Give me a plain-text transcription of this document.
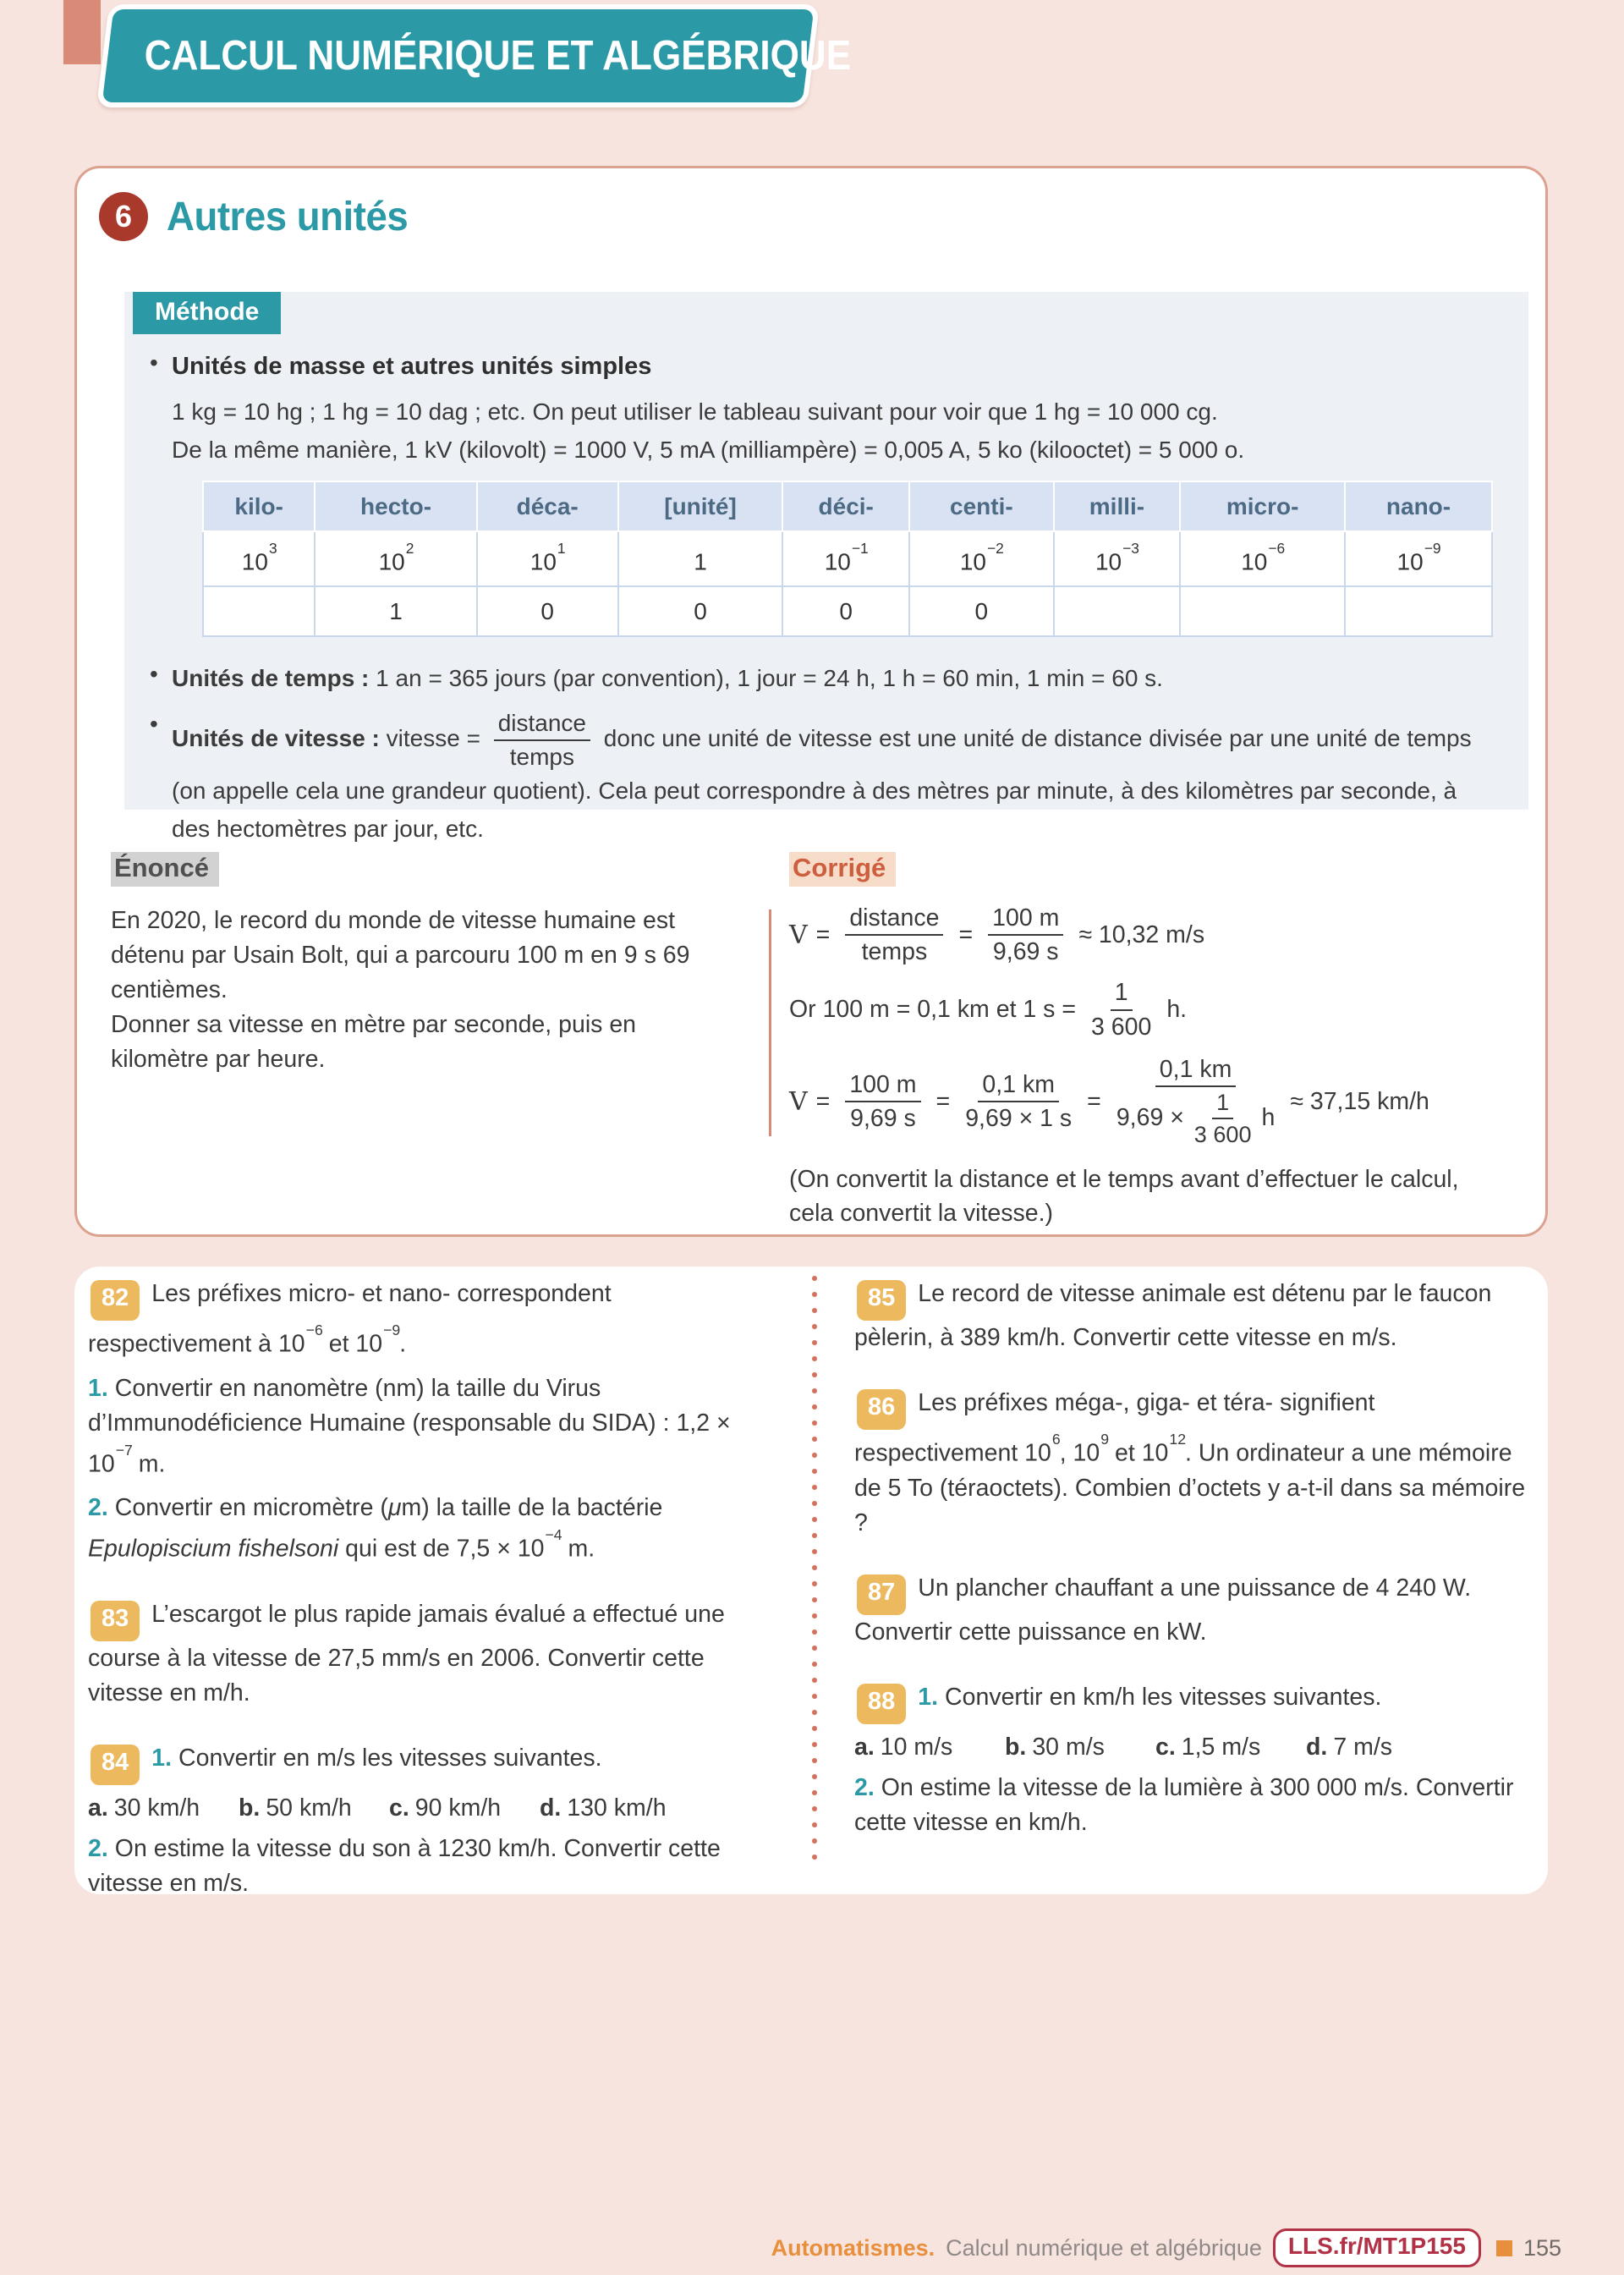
CALCUL NUMÉRIQUE ET ALGÉBRIQUE
6 Autres unités
Méthode
• Unités de masse et autres unités simples
1 kg = 10 hg ; 1 hg = 10 dag ; etc. On peut utiliser le tableau suivant pour voir que 1 hg = 10 000 cg.
De la même manière, 1 kV (kilovolt) = 1000 V, 5 mA (milliampère) = 0,005 A, 5 ko (kilooctet) = 5 000 o.
kilo-	hecto-	déca-	[unité]	déci-	centi-	milli-	micro-	nano-
$10^3$	$10^2$	$10^1$	1	$10^{-1}$	$10^{-2}$	$10^{-3}$	$10^{-6}$	$10^{-9}$
	1	0	0	0	0			
• Unités de temps : 1 an = 365 jours (par convention), 1 jour = 24 h, 1 h = 60 min, 1 min = 60 s.
•
Unités de vitesse : vitesse = $\frac{\text{distance}}{\text{temps}}$ donc une unité de vitesse est une unité de distance divisée par une unité de temps (on appelle cela une grandeur quotient). Cela peut correspondre à des mètres par minute, à des kilomètres par seconde, à des hectomètres par jour, etc.
Énoncé

En 2020, le record du monde de vitesse humaine est détenu par Usain Bolt, qui a parcouru 100 m en 9 s 69 centièmes.

Donner sa vitesse en mètre par seconde, puis en kilomètre par heure.

Corrigé
$V = \frac{\text{distance}}{\text{temps}} = \frac{100 m}{9,69 s} \approx 10,32$ m/s
Or 100 m = 0,1 km et 1 $s = \frac{1}{3 600} h$.
$V = \frac{100 m}{9,69 s} = \frac{0,1 km}{9,69 \times 1 s} = \frac{0,1 km}{9,69 \times \frac{1}{3 600} h} \approx 37,15$ km/h
(On convertit la distance et le temps avant d’effectuer le calcul,
cela convertit la vitesse.)

82 Les préfixes micro- et nano- correspondent respectivement à $10^{-6}$ et $10^{-9}$.

1. Convertir en nanomètre (nm) la taille du Virus d’Immunodéficience Humaine (responsable du SIDA) : $1,2 \times 10^{-7}$ m.

2. Convertir en micromètre (μm) la taille de la bactérie Epulopiscium fishelsoni qui est de $7,5 \times 10^{-4}$ m.

83 L’escargot le plus rapide jamais évalué a effectué une course à la vitesse de 27,5 mm/s en 2006. Convertir cette vitesse en m/h.

84 1. Convertir en m/s les vitesses suivantes.

a. 30 km/h	b. 50 km/h	c. 90 km/h	d. 130 km/h

2. On estime la vitesse du son à 1230 km/h. Convertir cette vitesse en m/s.

85 Le record de vitesse animale est détenu par le faucon pèlerin, à 389 km/h. Convertir cette vitesse en m/s.

86 Les préfixes méga-, giga- et téra- signifient respectivement $10^6$, $10^9$ et $10^{12}$. Un ordinateur a une mémoire de 5 To (téraoctets). Combien d’octets y a-t-il dans sa mémoire ?

87 Un plancher chauffant a une puissance de 4 240 W. Convertir cette puissance en kW.

88 1. Convertir en km/h les vitesses suivantes.

a. 10 m/s	b. 30 m/s	c. 1,5 m/s	d. 7 m/s

2. On estime la vitesse de la lumière à 300 000 m/s. Convertir cette vitesse en km/h.

Automatismes. Calcul numérique et algébrique	LLS.fr/MT1P155	155
